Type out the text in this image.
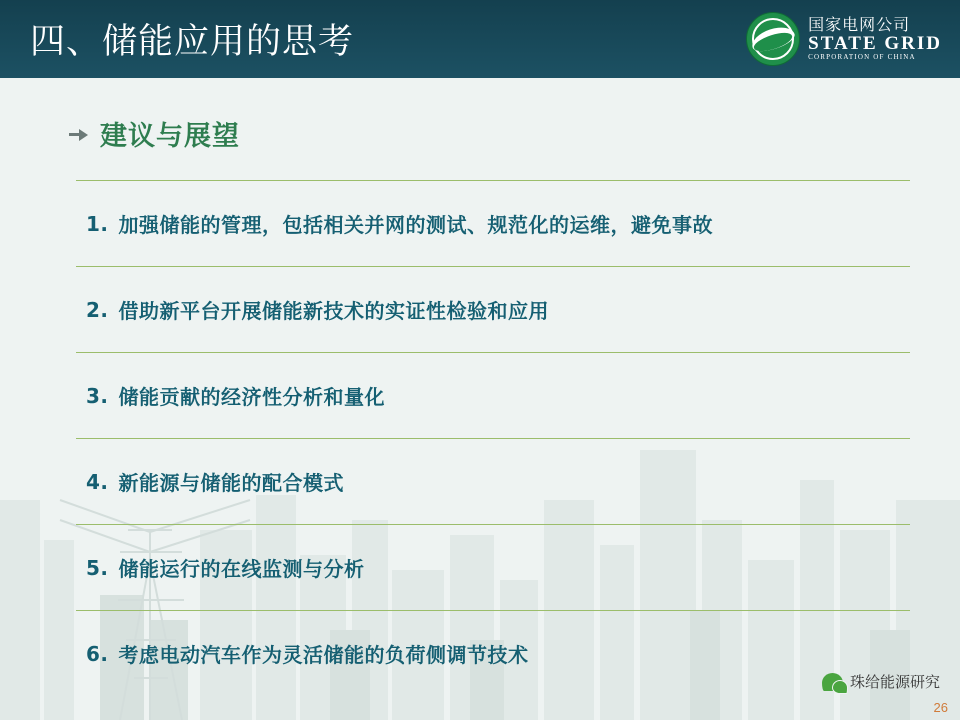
四、储能应用的思考	国家电网公司
STATE GRID
CORPORATION OF CHINA
建议与展望
1. 加强储能的管理，包括相关并网的测试、规范化的运维，避免事故
2. 借助新平台开展储能新技术的实证性检验和应用
3. 储能贡献的经济性分析和量化
4. 新能源与储能的配合模式
5. 储能运行的在线监测与分析
6. 考虑电动汽车作为灵活储能的负荷侧调节技术
珠给能源研究
26
